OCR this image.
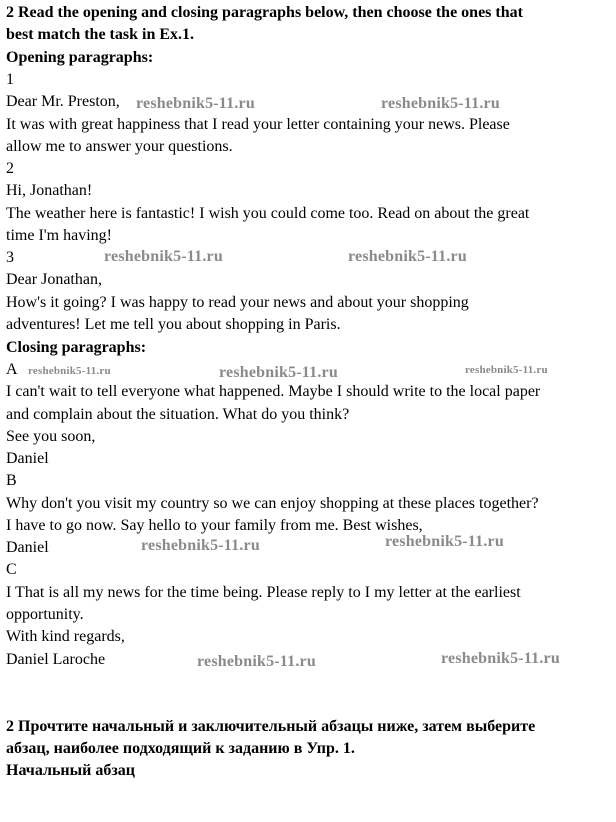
2 Read the opening and closing paragraphs below, then choose the ones that
best match the task in Ex.1.
Opening paragraphs:
1
Dear Mr. Preston,
It was with great happiness that I read your letter containing your news. Please
allow me to answer your questions.
2
Hi, Jonathan!
The weather here is fantastic! I wish you could come too. Read on about the great
time I'm having!
3
Dear Jonathan,
How's it going? I was happy to read your news and about your shopping
adventures! Let me tell you about shopping in Paris.
Closing paragraphs:
A
I can't wait to tell everyone what happened. Maybe I should write to the local paper
and complain about the situation. What do you think?
See you soon,
Daniel
B
Why don't you visit my country so we can enjoy shopping at these places together?
I have to go now. Say hello to your family from me. Best wishes,
Daniel
C
I That is all my news for the time being. Please reply to I my letter at the earliest
opportunity.
With kind regards,
Daniel Laroche
2 Прочтите начальный и заключительный абзацы ниже, затем выберите
абзац, наиболее подходящий к заданию в Упр. 1.
Начальный абзац
reshebnik5-11.ru	reshebnik5-11.ru
reshebnik5-11.ru	reshebnik5-11.ru
reshebnik5-11.ru	reshebnik5-11.ru	reshebnik5-11.ru
reshebnik5-11.ru	reshebnik5-11.ru
reshebnik5-11.ru	reshebnik5-11.ru
